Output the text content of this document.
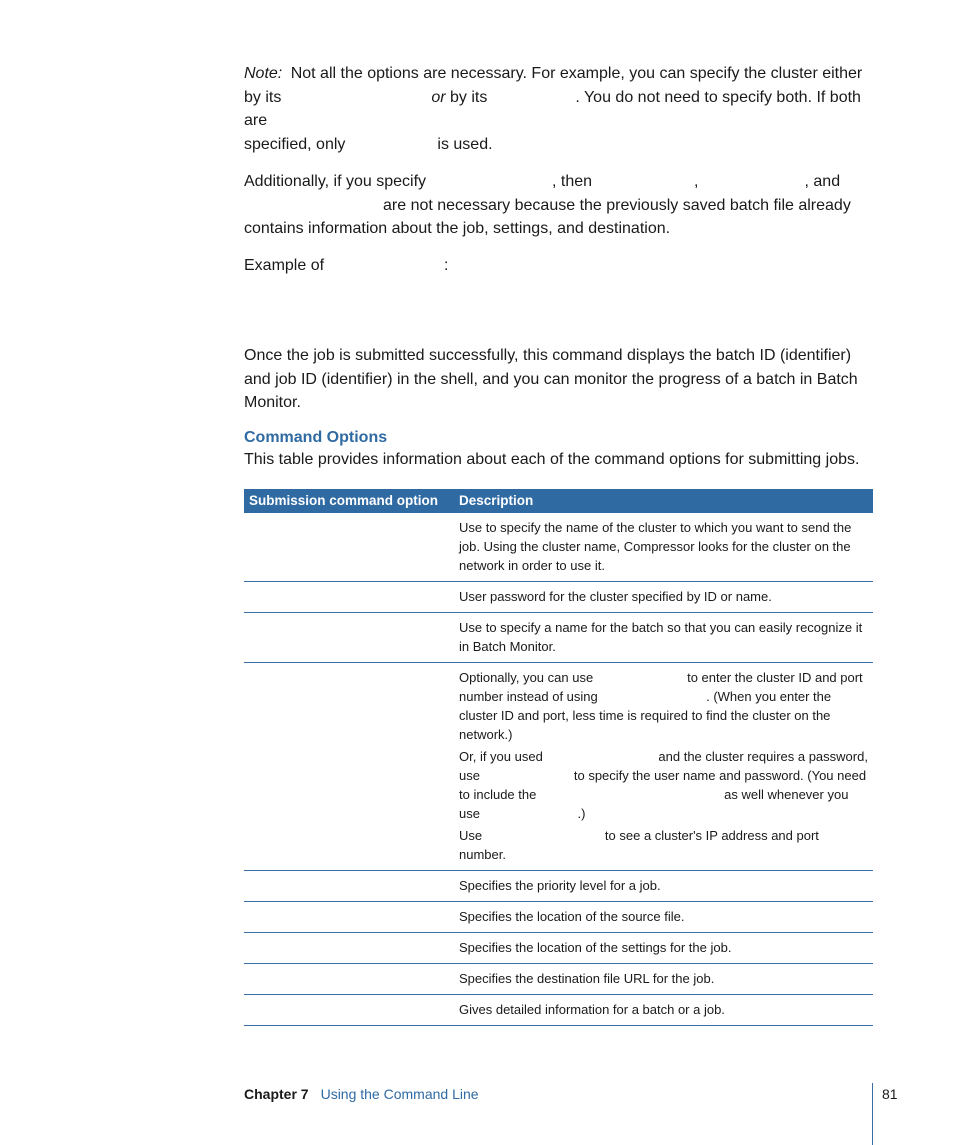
Note: Not all the options are necessary. For example, you can specify the cluster either
by its	or by its	. You do not need to specify both. If both are
specified, only	is used.

Additionally, if you specify	, then	,	, and
are not necessary because the previously saved batch file already
contains information about the job, settings, and destination.

Example of	:

Once the job is submitted successfully, this command displays the batch ID (identifier) and job ID (identifier) in the shell, and you can monitor the progress of a batch in Batch Monitor.

Command Options

This table provides information about each of the command options for submitting jobs.

Submission command option	Description

	Use to specify the name of the cluster to which you want to send the job. Using the cluster name, Compressor looks for the cluster on the network in order to use it.

	User password for the cluster specified by ID or name.

	Use to specify a name for the batch so that you can easily recognize it in Batch Monitor.

	Optionally, you can use                          to enter the cluster ID and port number instead of using                              . (When you enter the cluster ID and port, less time is required to find the cluster on the network.)

Or, if you used                                and the cluster requires a password, use                          to specify the user name and password. (You need to include the                                                    as well whenever you use                           .)

Use                                  to see a cluster's IP address and port number.

	Specifies the priority level for a job.

	Specifies the location of the source file.

	Specifies the location of the settings for the job.

	Specifies the destination file URL for the job.

	Gives detailed information for a batch or a job.

Chapter 7 Using the Command Line	81
